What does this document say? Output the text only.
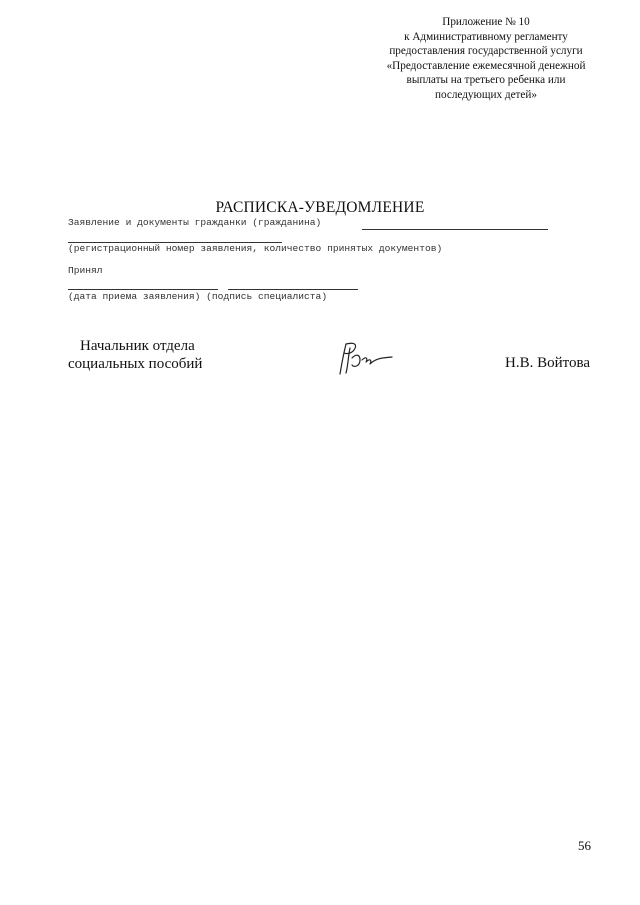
Приложение № 10
к Административному регламенту
предоставления государственной услуги
«Предоставление ежемесячной денежной
выплаты на третьего ребенка или
последующих детей»
РАСПИСКА-УВЕДОМЛЕНИЕ
Заявление и документы гражданки (гражданина)
(регистрационный номер заявления, количество принятых документов)
Принял
(дата приема заявления) (подпись специалиста)
Начальник отдела
социальных пособий	Н.В. Войтова
56
